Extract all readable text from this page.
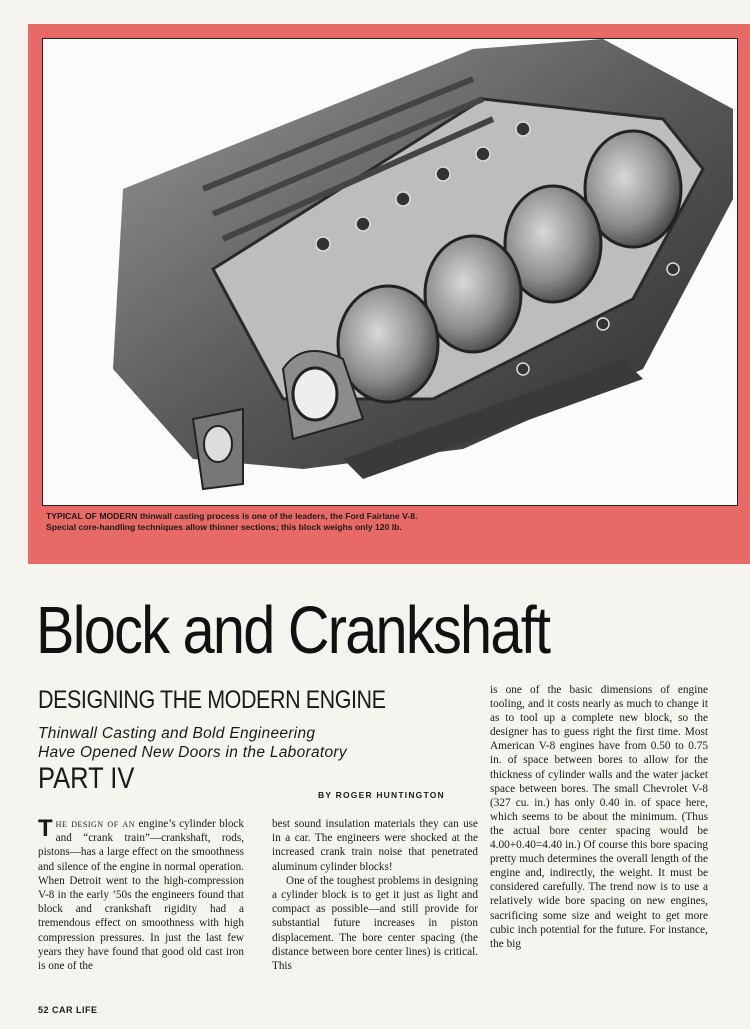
TYPICAL OF MODERN thinwall casting process is one of the leaders, the Ford Fairlane V-8.
Special core-handling techniques allow thinner sections; this block weighs only 120 lb.
Block and Crankshaft
DESIGNING THE MODERN ENGINE
Thinwall Casting and Bold Engineering
Have Opened New Doors in the Laboratory
PART IV	BY ROGER HUNTINGTON

The design of an engine’s cylinder block and “crank train”—crankshaft, rods, pistons—has a large effect on the smoothness and silence of the engine in normal operation. When Detroit went to the high-compression V-8 in the early ’50s the engineers found that block and crankshaft rigidity had a tremendous effect on smoothness with high compression pressures. In just the last few years they have found that good old cast iron is one of the

best sound insulation materials they can use in a car. The engineers were shocked at the increased crank train noise that penetrated aluminum cylinder blocks!

One of the toughest problems in designing a cylinder block is to get it just as light and compact as possible—and still provide for substantial future increases in piston displacement. The bore center spacing (the distance between bore center lines) is critical. This

is one of the basic dimensions of engine tooling, and it costs nearly as much to change it as to tool up a complete new block, so the designer has to guess right the first time. Most American V-8 engines have from 0.50 to 0.75 in. of space between bores to allow for the thickness of cylinder walls and the water jacket space between bores. The small Chevrolet V-8 (327 cu. in.) has only 0.40 in. of space here, which seems to be about the minimum. (Thus the actual bore center spacing would be 4.00+0.40=4.40 in.) Of course this bore spacing pretty much determines the overall length of the engine and, indirectly, the weight. It must be considered carefully. The trend now is to use a relatively wide bore spacing on new engines, sacrificing some size and weight to get more cubic inch potential for the future. For instance, the big

52 CAR LIFE
